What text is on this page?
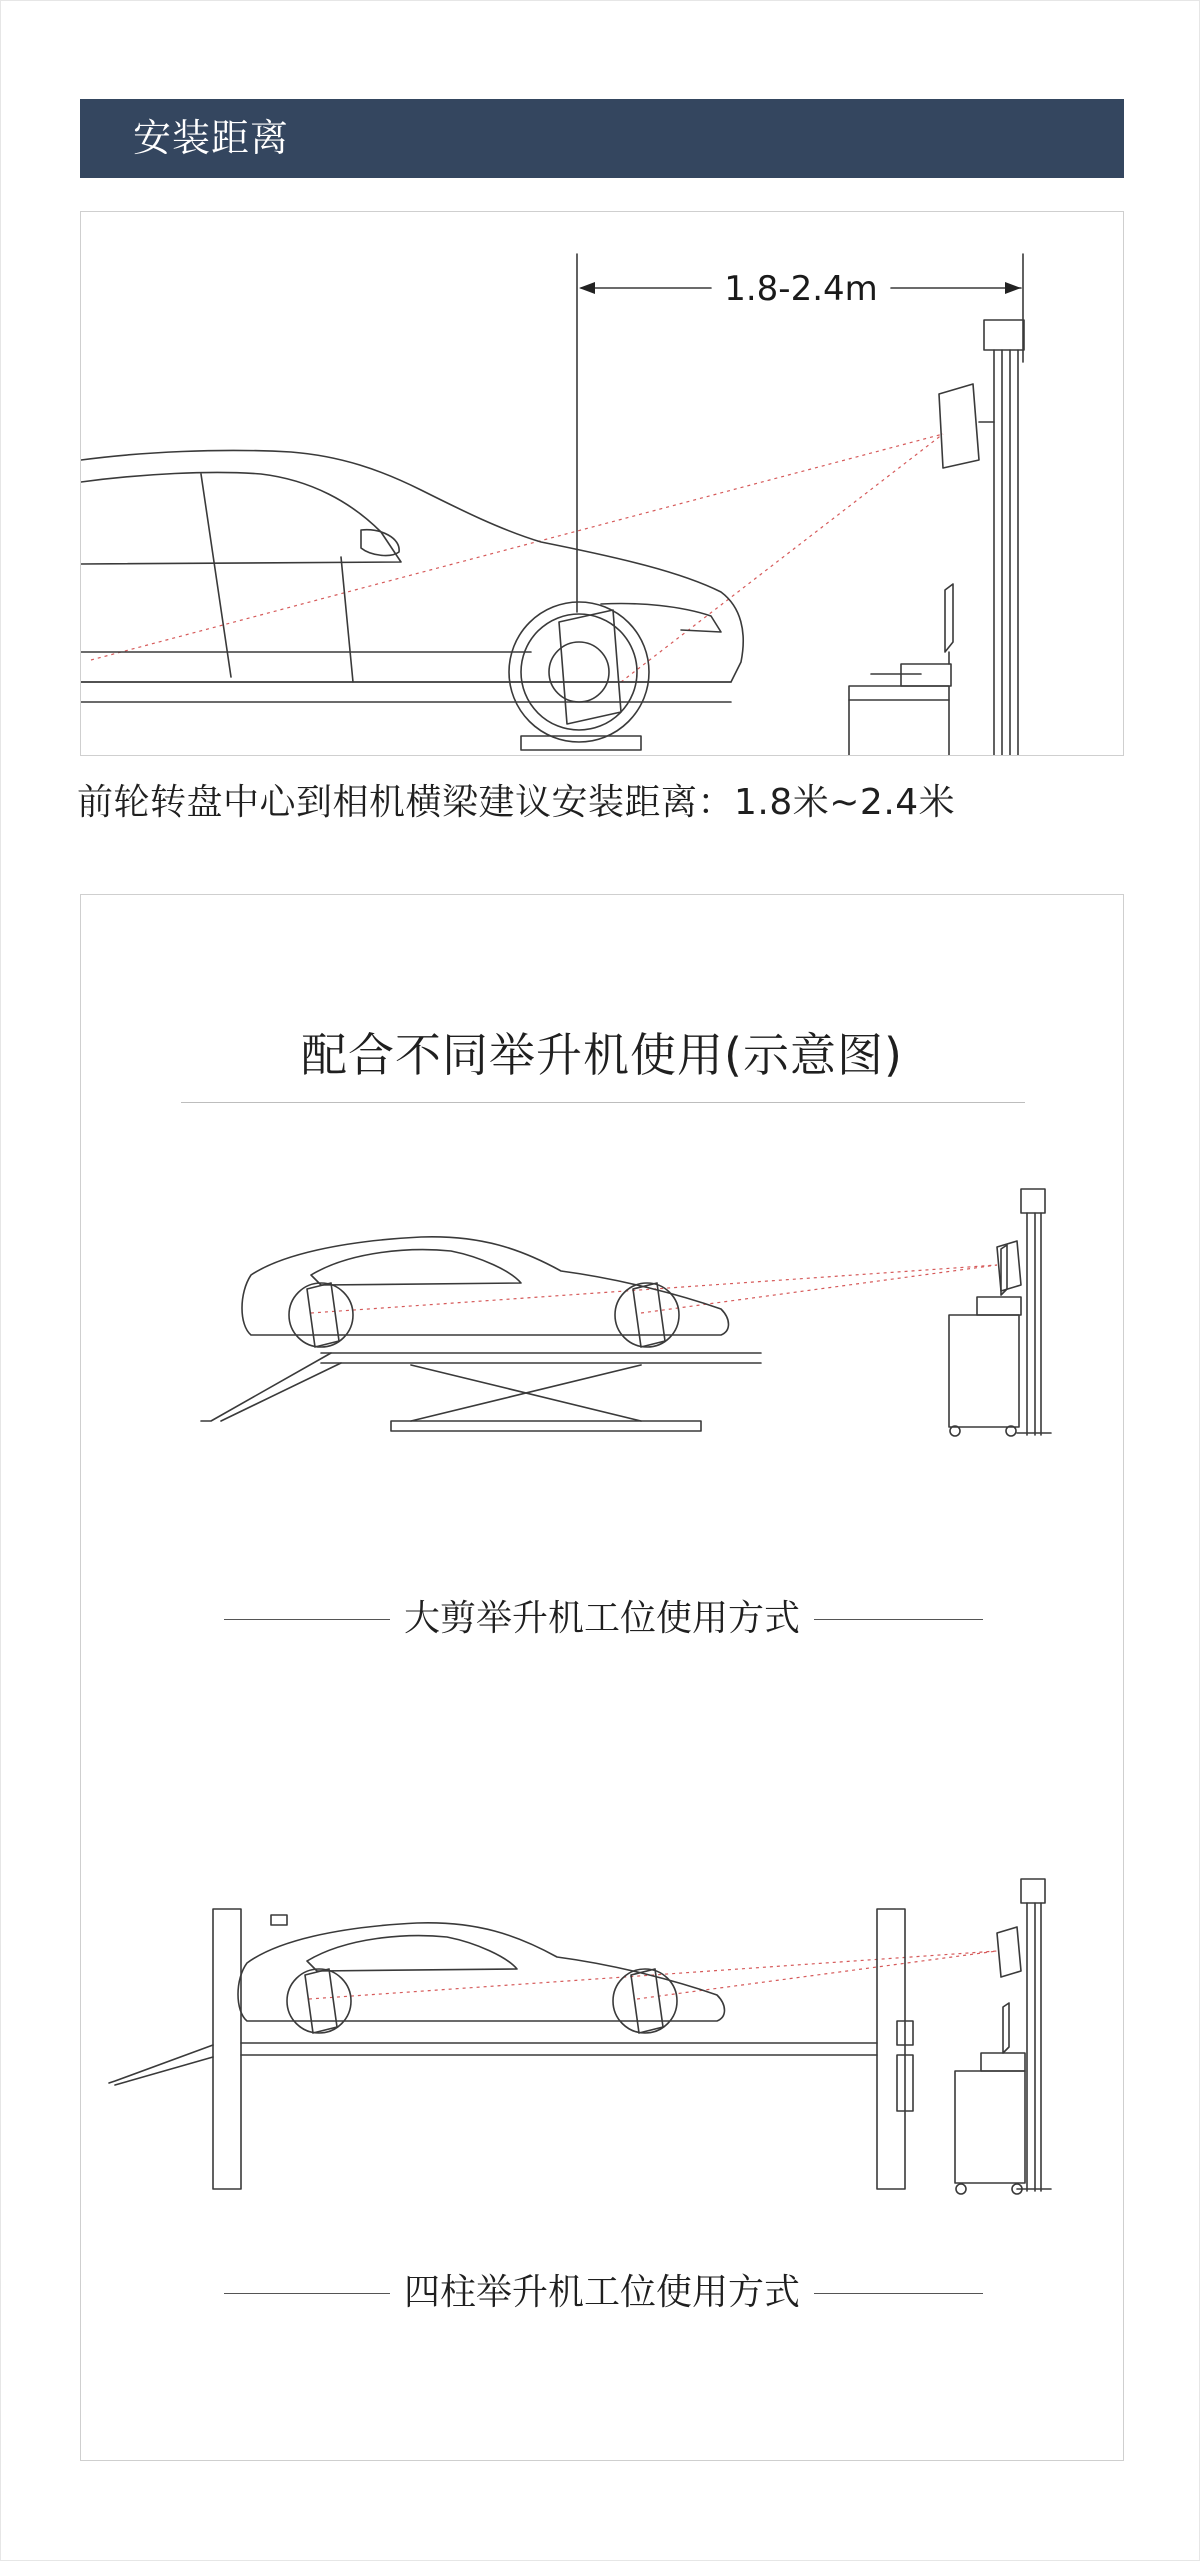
安装距离
1.8-2.4m
前轮转盘中心到相机横梁建议安装距离：1.8米~2.4米
配合不同举升机使用(示意图)
大剪举升机工位使用方式
四柱举升机工位使用方式
